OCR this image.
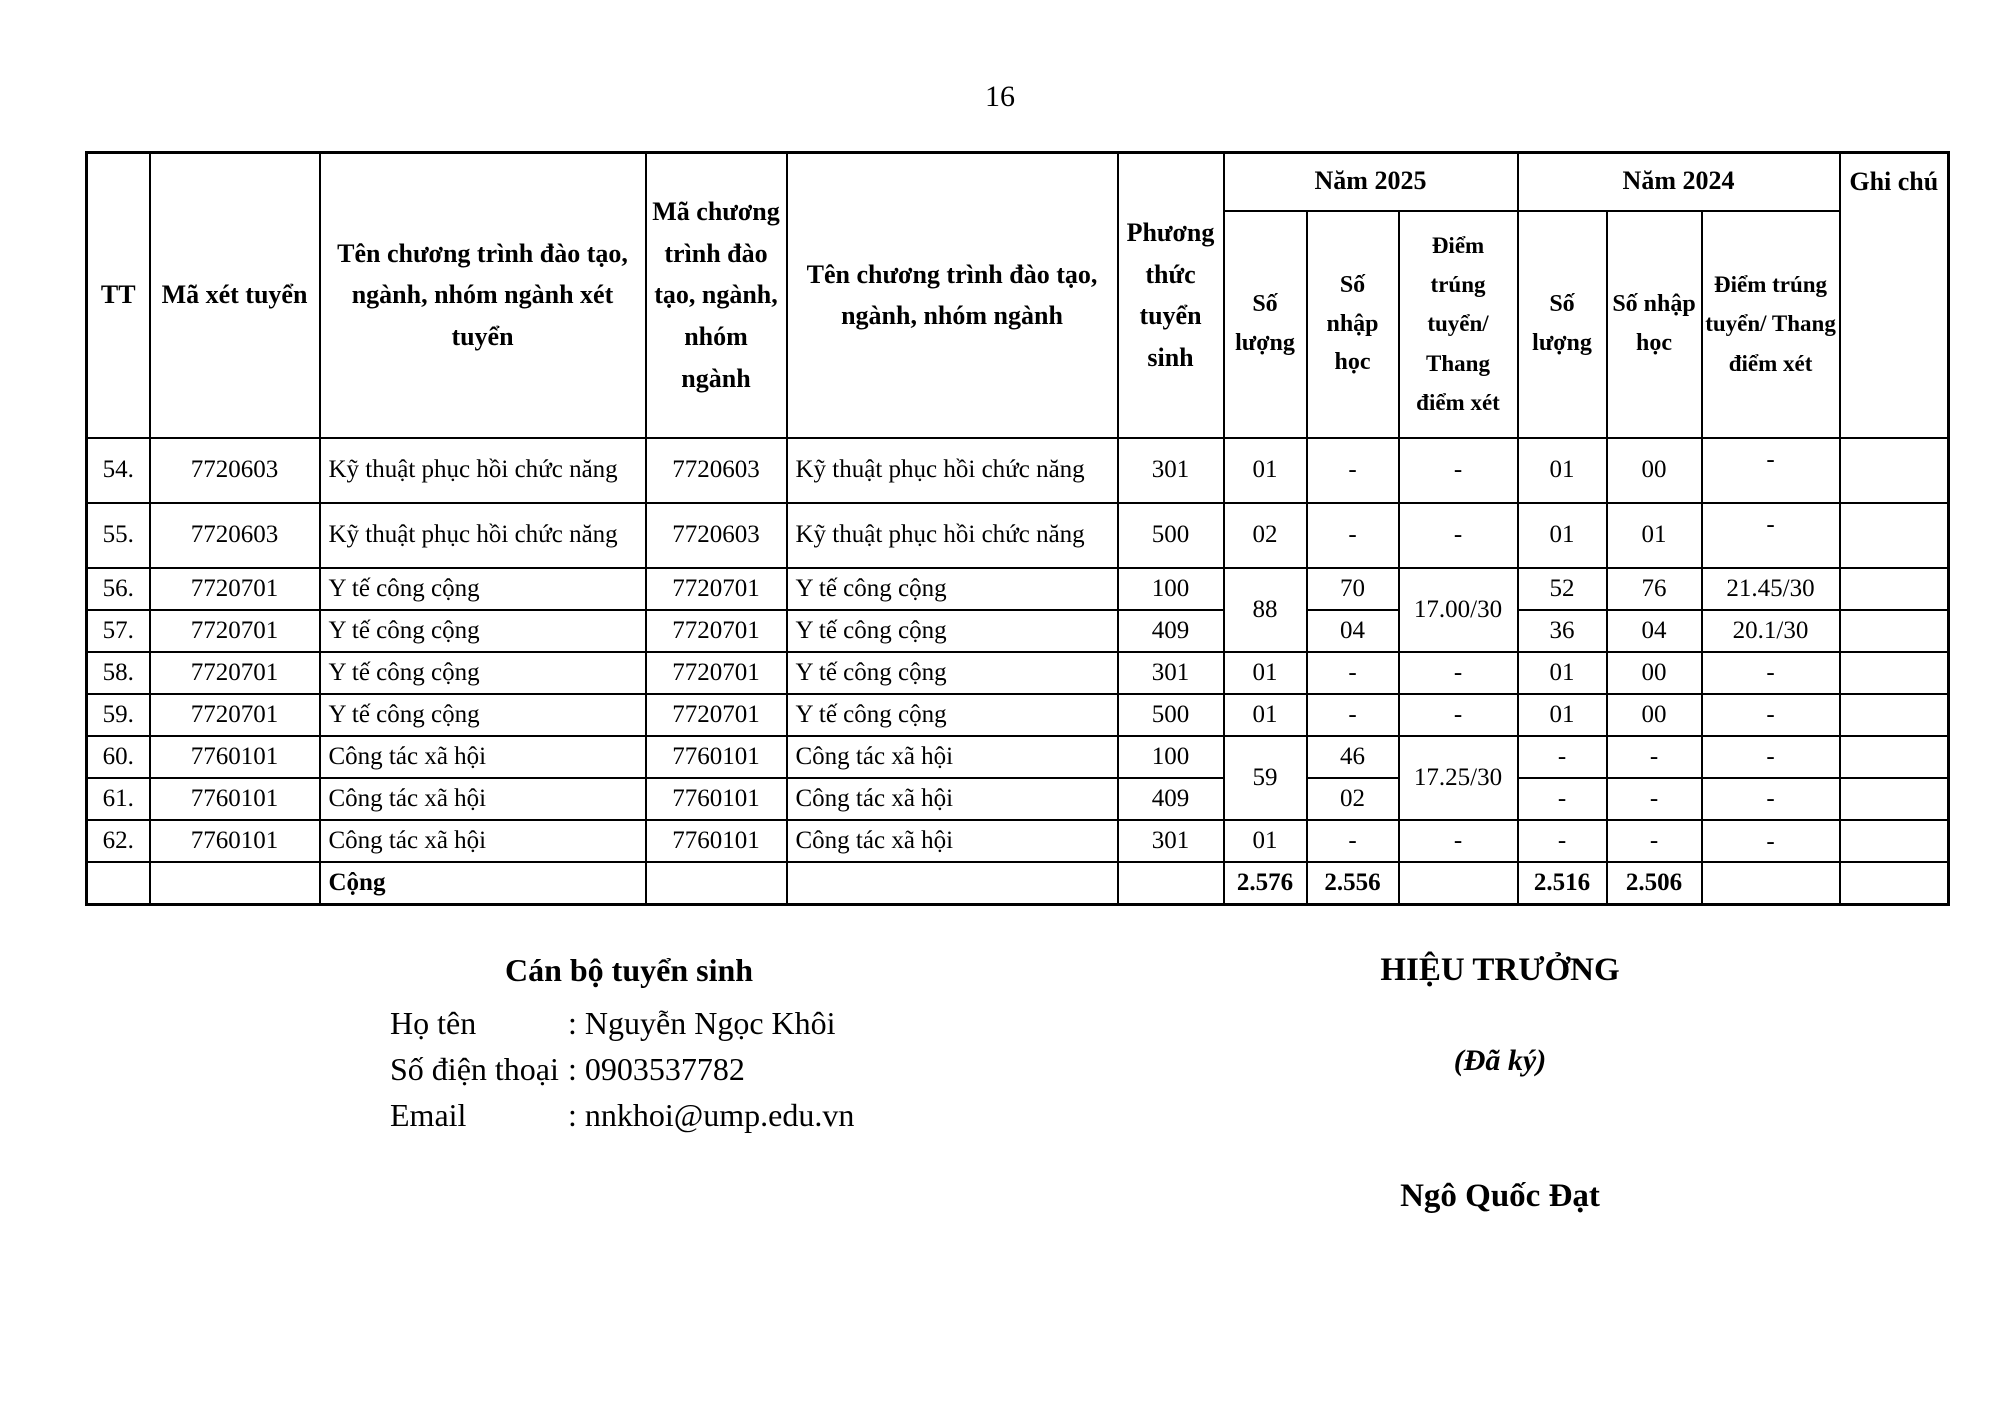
16
TT	Mã xét tuyển	Tên chương trình đào tạo, ngành, nhóm ngành xét tuyển	Mã chương trình đào tạo, ngành, nhóm ngành	Tên chương trình đào tạo, ngành, nhóm ngành	Phương thức tuyển sinh	Năm 2025			Năm 2024			Ghi chú
						Số lượng	Số nhập học	Điểm trúng tuyển/ Thang điểm xét	Số lượng	Số nhập học	Điểm trúng tuyển/ Thang điểm xét	
54.	7720603	Kỹ thuật phục hồi chức năng	7720603	Kỹ thuật phục hồi chức năng	301	01	-	-	01	00	-	
55.	7720603	Kỹ thuật phục hồi chức năng	7720603	Kỹ thuật phục hồi chức năng	500	02	-	-	01	01	-	
56.	7720701	Y tế công cộng	7720701	Y tế công cộng	100	88	70	17.00/30	52	76	21.45/30	
57.	7720701	Y tế công cộng	7720701	Y tế công cộng	409		04		36	04	20.1/30	
58.	7720701	Y tế công cộng	7720701	Y tế công cộng	301	01	-	-	01	00	-	
59.	7720701	Y tế công cộng	7720701	Y tế công cộng	500	01	-	-	01	00	-	
60.	7760101	Công tác xã hội	7760101	Công tác xã hội	100	59	46	17.25/30	-	-	-	
61.	7760101	Công tác xã hội	7760101	Công tác xã hội	409		02		-	-	-	
62.	7760101	Công tác xã hội	7760101	Công tác xã hội	301	01	-	-	-	-	-	
		Cộng				2.576	2.556		2.516	2.506		
Cán bộ tuyển sinh
Họ tên	: Nguyễn Ngọc Khôi
Số điện thoại : 0903537782
Email	: nnkhoi@ump.edu.vn
HIỆU TRƯỞNG
(Đã ký)
Ngô Quốc Đạt
